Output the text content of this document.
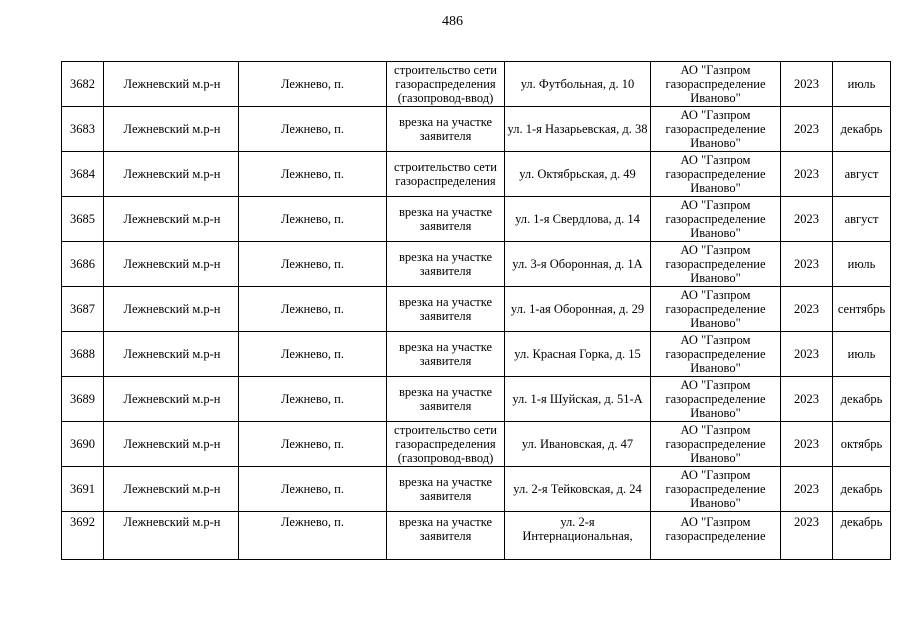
486
3682	Лежневский м.р-н	Лежнево, п.	строительство сети газораспределения (газопровод-ввод)	ул. Футбольная, д. 10	АО "Газпром газораспределение Иваново"	2023	июль
3683	Лежневский м.р-н	Лежнево, п.	врезка на участке заявителя	ул. 1-я Назарьевская, д. 38	АО "Газпром газораспределение Иваново"	2023	декабрь
3684	Лежневский м.р-н	Лежнево, п.	строительство сети газораспределения	ул. Октябрьская, д. 49	АО "Газпром газораспределение Иваново"	2023	август
3685	Лежневский м.р-н	Лежнево, п.	врезка на участке заявителя	ул. 1-я Свердлова, д. 14	АО "Газпром газораспределение Иваново"	2023	август
3686	Лежневский м.р-н	Лежнево, п.	врезка на участке заявителя	ул. 3-я Оборонная, д. 1А	АО "Газпром газораспределение Иваново"	2023	июль
3687	Лежневский м.р-н	Лежнево, п.	врезка на участке заявителя	ул. 1-ая Оборонная, д. 29	АО "Газпром газораспределение Иваново"	2023	сентябрь
3688	Лежневский м.р-н	Лежнево, п.	врезка на участке заявителя	ул. Красная Горка, д. 15	АО "Газпром газораспределение Иваново"	2023	июль
3689	Лежневский м.р-н	Лежнево, п.	врезка на участке заявителя	ул. 1-я Шуйская, д. 51-А	АО "Газпром газораспределение Иваново"	2023	декабрь
3690	Лежневский м.р-н	Лежнево, п.	строительство сети газораспределения (газопровод-ввод)	ул. Ивановская, д. 47	АО "Газпром газораспределение Иваново"	2023	октябрь
3691	Лежневский м.р-н	Лежнево, п.	врезка на участке заявителя	ул. 2-я Тейковская, д. 24	АО "Газпром газораспределение Иваново"	2023	декабрь
3692	Лежневский м.р-н	Лежнево, п.	врезка на участке заявителя	ул. 2-я Интернациональная,	АО "Газпром газораспределение	2023	декабрь
